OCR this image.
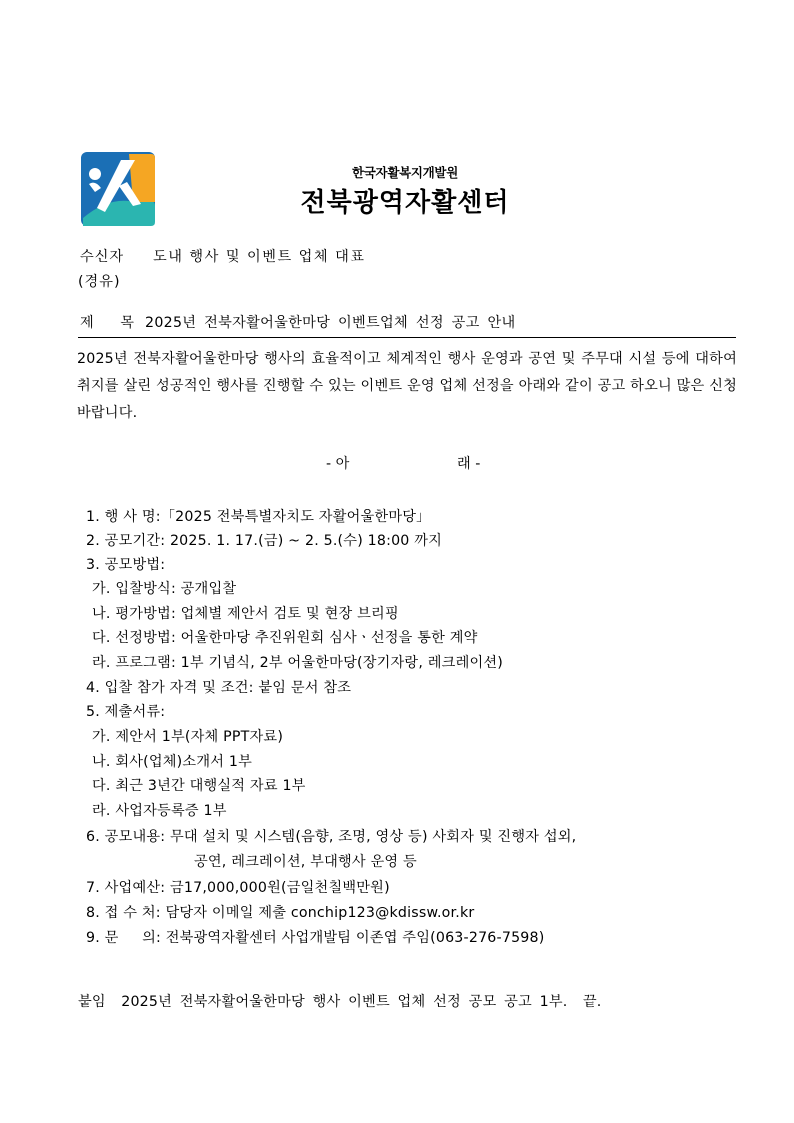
한국자활복지개발원
전북광역자활센터
수신자 도내 행사 및 이벤트 업체 대표
(경유)
제 목 2025년 전북자활어울한마당 이벤트업체 선정 공고 안내
2025년 전북자활어울한마당 행사의 효율적이고 체계적인 행사 운영과 공연 및 주무대 시설 등에 대하여 취지를 살린 성공적인 행사를 진행할 수 있는 이벤트 운영 업체 선정을 아래와 같이 공고 하오니 많은 신청 바랍니다.
- 아	래 -
1. 행 사 명:「2025 전북특별자치도 자활어울한마당」
2. 공모기간: 2025. 1. 17.(금) ~ 2. 5.(수) 18:00 까지
3. 공모방법:
가. 입찰방식: 공개입찰
나. 평가방법: 업체별 제안서 검토 및 현장 브리핑
다. 선정방법: 어울한마당 추진위원회 심사ㆍ선정을 통한 계약
라. 프로그램: 1부 기념식, 2부 어울한마당(장기자랑, 레크레이션)
4. 입찰 참가 자격 및 조건: 붙임 문서 참조
5. 제출서류:
가. 제안서 1부(자체 PPT자료)
나. 회사(업체)소개서 1부
다. 최근 3년간 대행실적 자료 1부
라. 사업자등록증 1부
6. 공모내용: 무대 설치 및 시스템(음향, 조명, 영상 등) 사회자 및 진행자 섭외,
공연, 레크레이션, 부대행사 운영 등
7. 사업예산: 금17,000,000원(금일천칠백만원)
8. 접 수 처: 담당자 이메일 제출 conchip123@kdissw.or.kr
9. 문     의: 전북광역자활센터 사업개발팀 이존엽 주임(063-276-7598)
붙임  2025년 전북자활어울한마당 행사 이벤트 업체 선정 공모 공고 1부.  끝.
